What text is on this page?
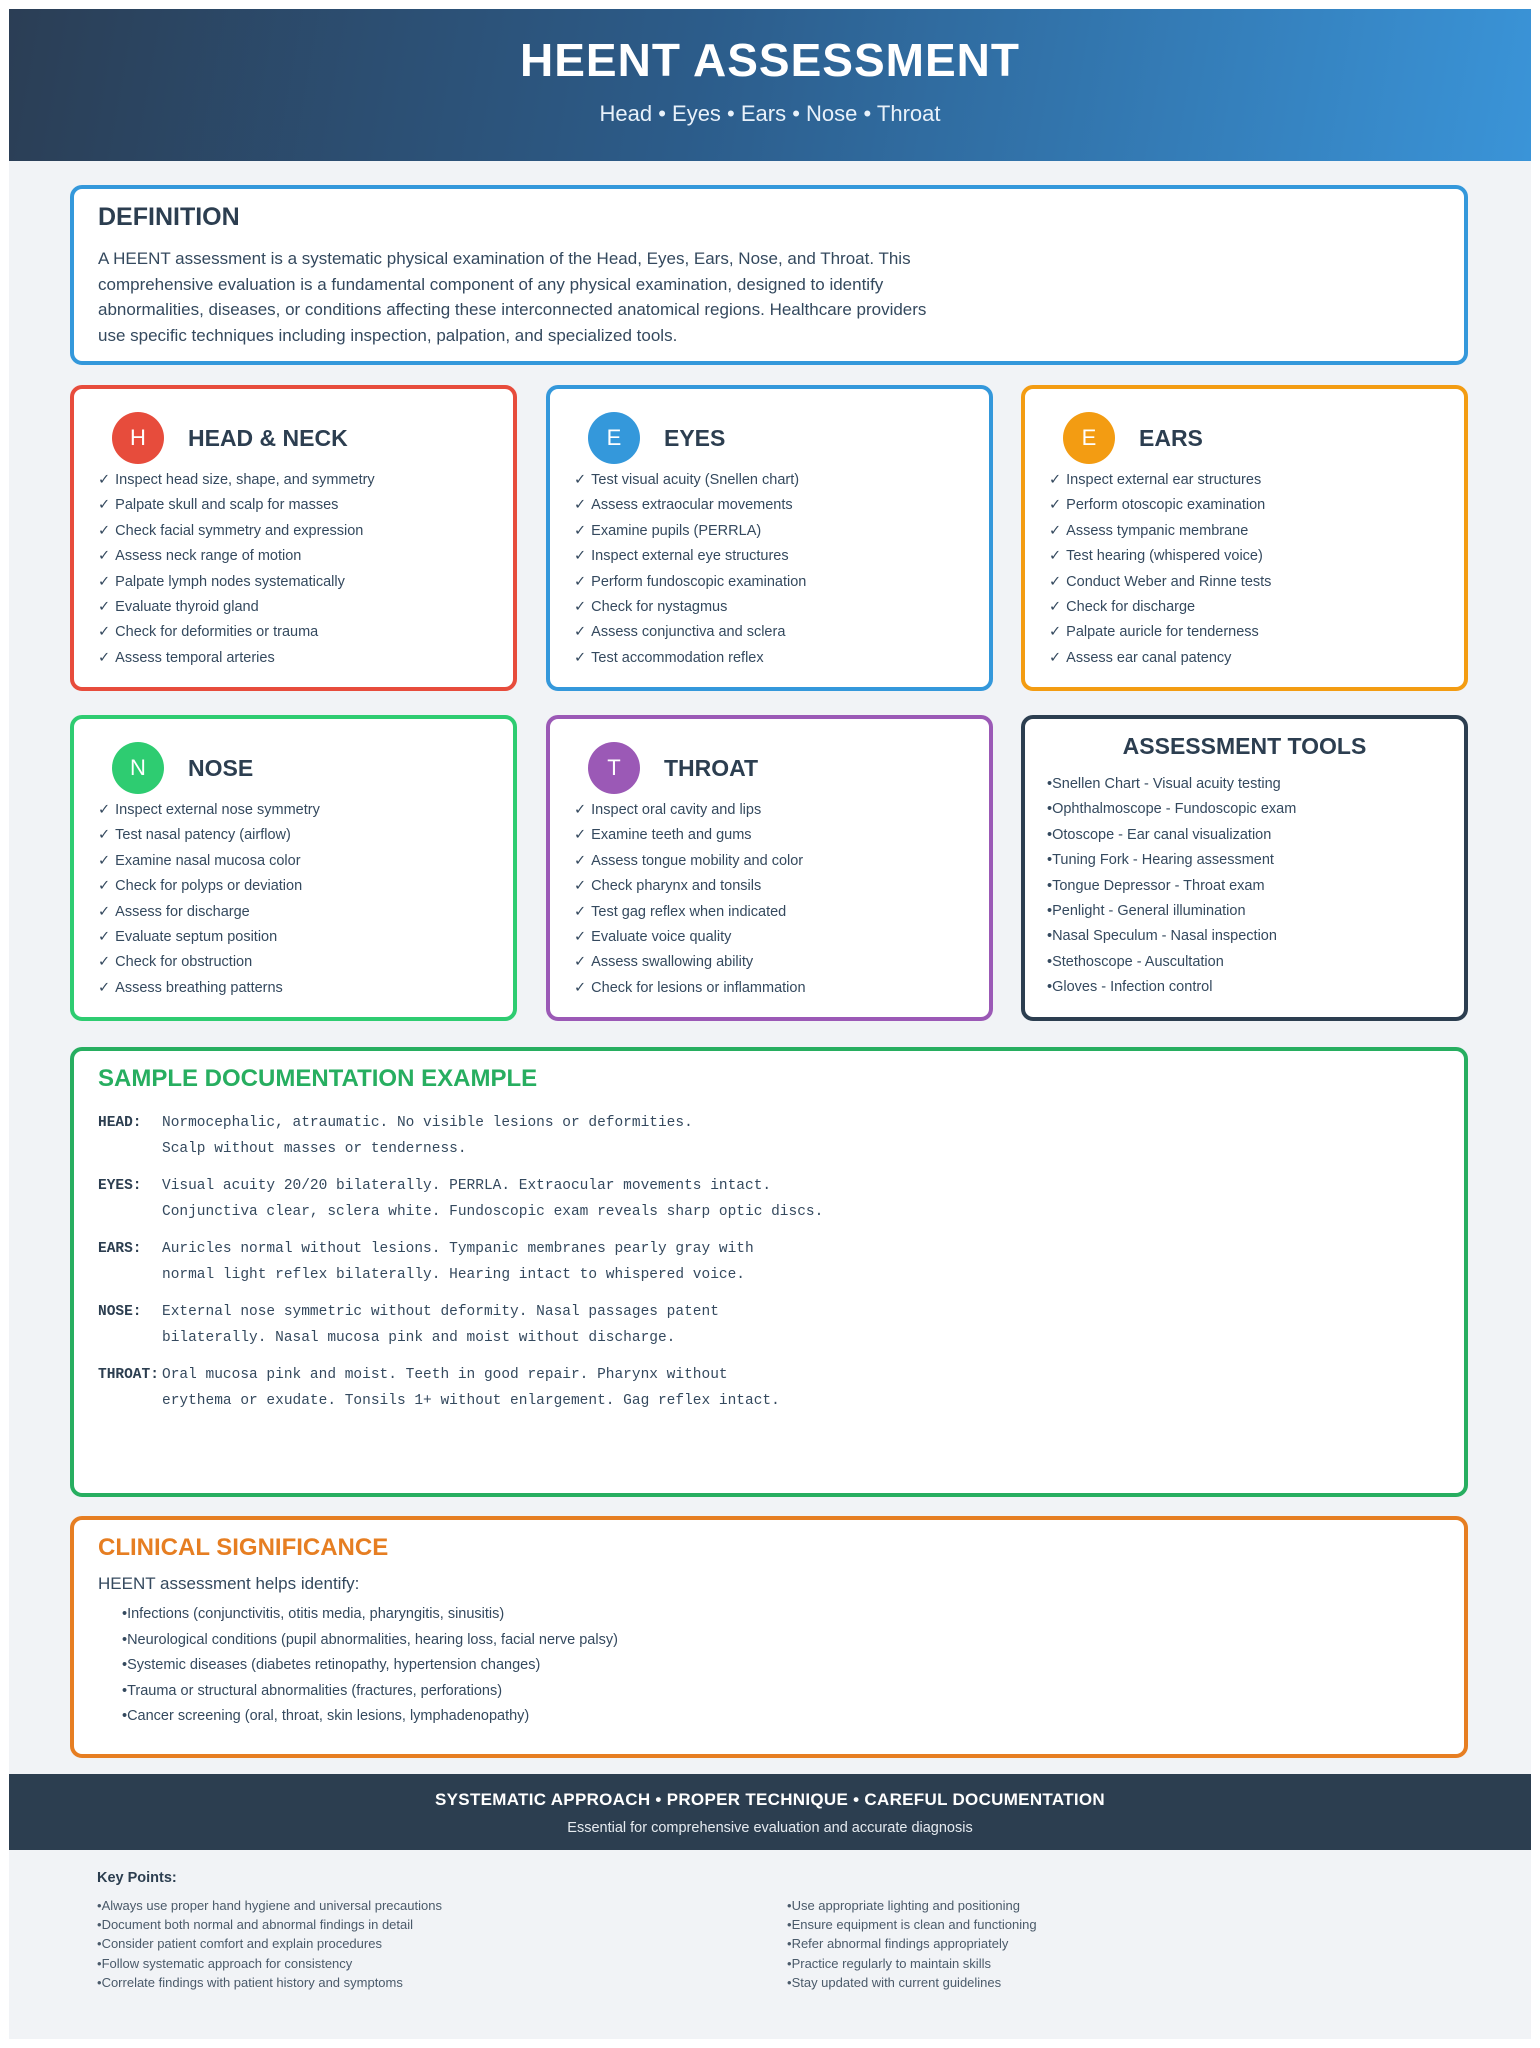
HEENT ASSESSMENT
Head • Eyes • Ears • Nose • Throat
DEFINITION

A HEENT assessment is a systematic physical examination of the Head, Eyes, Ears, Nose, and Throat. This comprehensive evaluation is a fundamental component of any physical examination, designed to identify abnormalities, diseases, or conditions affecting these interconnected anatomical regions. Healthcare providers use specific techniques including inspection, palpation, and specialized tools.

H	HEAD & NECK
✓ Inspect head size, shape, and symmetry
✓ Palpate skull and scalp for masses
✓ Check facial symmetry and expression
✓ Assess neck range of motion
✓ Palpate lymph nodes systematically
✓ Evaluate thyroid gland
✓ Check for deformities or trauma
✓ Assess temporal arteries
E	EYES
✓ Test visual acuity (Snellen chart)
✓ Assess extraocular movements
✓ Examine pupils (PERRLA)
✓ Inspect external eye structures
✓ Perform fundoscopic examination
✓ Check for nystagmus
✓ Assess conjunctiva and sclera
✓ Test accommodation reflex
E	EARS
✓ Inspect external ear structures
✓ Perform otoscopic examination
✓ Assess tympanic membrane
✓ Test hearing (whispered voice)
✓ Conduct Weber and Rinne tests
✓ Check for discharge
✓ Palpate auricle for tenderness
✓ Assess ear canal patency
N	NOSE
✓ Inspect external nose symmetry
✓ Test nasal patency (airflow)
✓ Examine nasal mucosa color
✓ Check for polyps or deviation
✓ Assess for discharge
✓ Evaluate septum position
✓ Check for obstruction
✓ Assess breathing patterns
T	THROAT
✓ Inspect oral cavity and lips
✓ Examine teeth and gums
✓ Assess tongue mobility and color
✓ Check pharynx and tonsils
✓ Test gag reflex when indicated
✓ Evaluate voice quality
✓ Assess swallowing ability
✓ Check for lesions or inflammation
ASSESSMENT TOOLS
•Snellen Chart - Visual acuity testing
•Ophthalmoscope - Fundoscopic exam
•Otoscope - Ear canal visualization
•Tuning Fork - Hearing assessment
•Tongue Depressor - Throat exam
•Penlight - General illumination
•Nasal Speculum - Nasal inspection
•Stethoscope - Auscultation
•Gloves - Infection control
SAMPLE DOCUMENTATION EXAMPLE
HEAD:	Normocephalic, atraumatic. No visible lesions or deformities.
Scalp without masses or tenderness.
EYES:	Visual acuity 20/20 bilaterally. PERRLA. Extraocular movements intact.
Conjunctiva clear, sclera white. Fundoscopic exam reveals sharp optic discs.
EARS:	Auricles normal without lesions. Tympanic membranes pearly gray with
normal light reflex bilaterally. Hearing intact to whispered voice.
NOSE:	External nose symmetric without deformity. Nasal passages patent
bilaterally. Nasal mucosa pink and moist without discharge.
THROAT: Oral mucosa pink and moist. Teeth in good repair. Pharynx without
erythema or exudate. Tonsils 1+ without enlargement. Gag reflex intact.
CLINICAL SIGNIFICANCE
HEENT assessment helps identify:
•Infections (conjunctivitis, otitis media, pharyngitis, sinusitis)
•Neurological conditions (pupil abnormalities, hearing loss, facial nerve palsy)
•Systemic diseases (diabetes retinopathy, hypertension changes)
•Trauma or structural abnormalities (fractures, perforations)
•Cancer screening (oral, throat, skin lesions, lymphadenopathy)
SYSTEMATIC APPROACH • PROPER TECHNIQUE • CAREFUL DOCUMENTATION
Essential for comprehensive evaluation and accurate diagnosis
Key Points:
•Always use proper hand hygiene and universal precautions
•Document both normal and abnormal findings in detail
•Consider patient comfort and explain procedures
•Follow systematic approach for consistency
•Correlate findings with patient history and symptoms
•Use appropriate lighting and positioning
•Ensure equipment is clean and functioning
•Refer abnormal findings appropriately
•Practice regularly to maintain skills
•Stay updated with current guidelines
